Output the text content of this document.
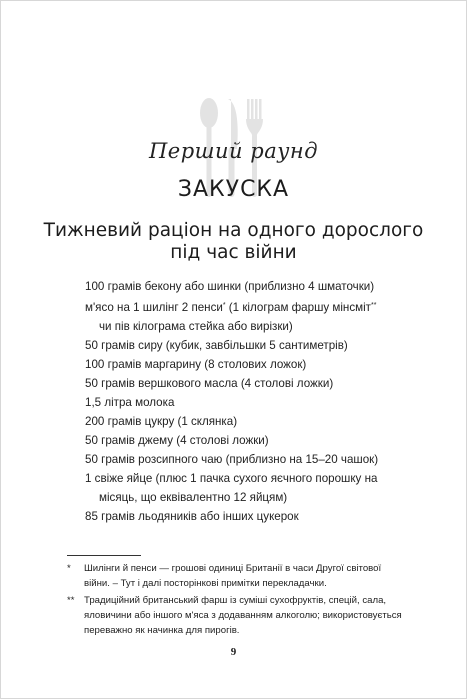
Перший раунд
ЗАКУСКА
Тижневий раціон на одного дорослого
під час війни
100 грамів бекону або шинки (приблизно 4 шматочки)
м'ясо на 1 шилінг 2 пенси* (1 кілограм фаршу мінсміт**
чи пів кілограма стейка або вирізки)
50 грамів сиру (кубик, завбільшки 5 сантиметрів)
100 грамів маргарину (8 столових ложок)
50 грамів вершкового масла (4 столові ложки)
1,5 літра молока
200 грамів цукру (1 склянка)
50 грамів джему (4 столові ложки)
50 грамів розсипного чаю (приблизно на 15–20 чашок)
1 свіже яйце (плюс 1 пачка сухого яєчного порошку на
місяць, що еквівалентно 12 яйцям)
85 грамів льодяників або інших цукерок
*	Шилінги й пенси — грошові одиниці Британії в часи Другої світової війни. – Тут і далі посторінкові примітки перекладачки.
** Традиційний британський фарш із суміші сухофруктів, спецій, сала, яловичини або іншого м'яса з додаванням алкоголю; використовується переважно як начинка для пирогів.
9
